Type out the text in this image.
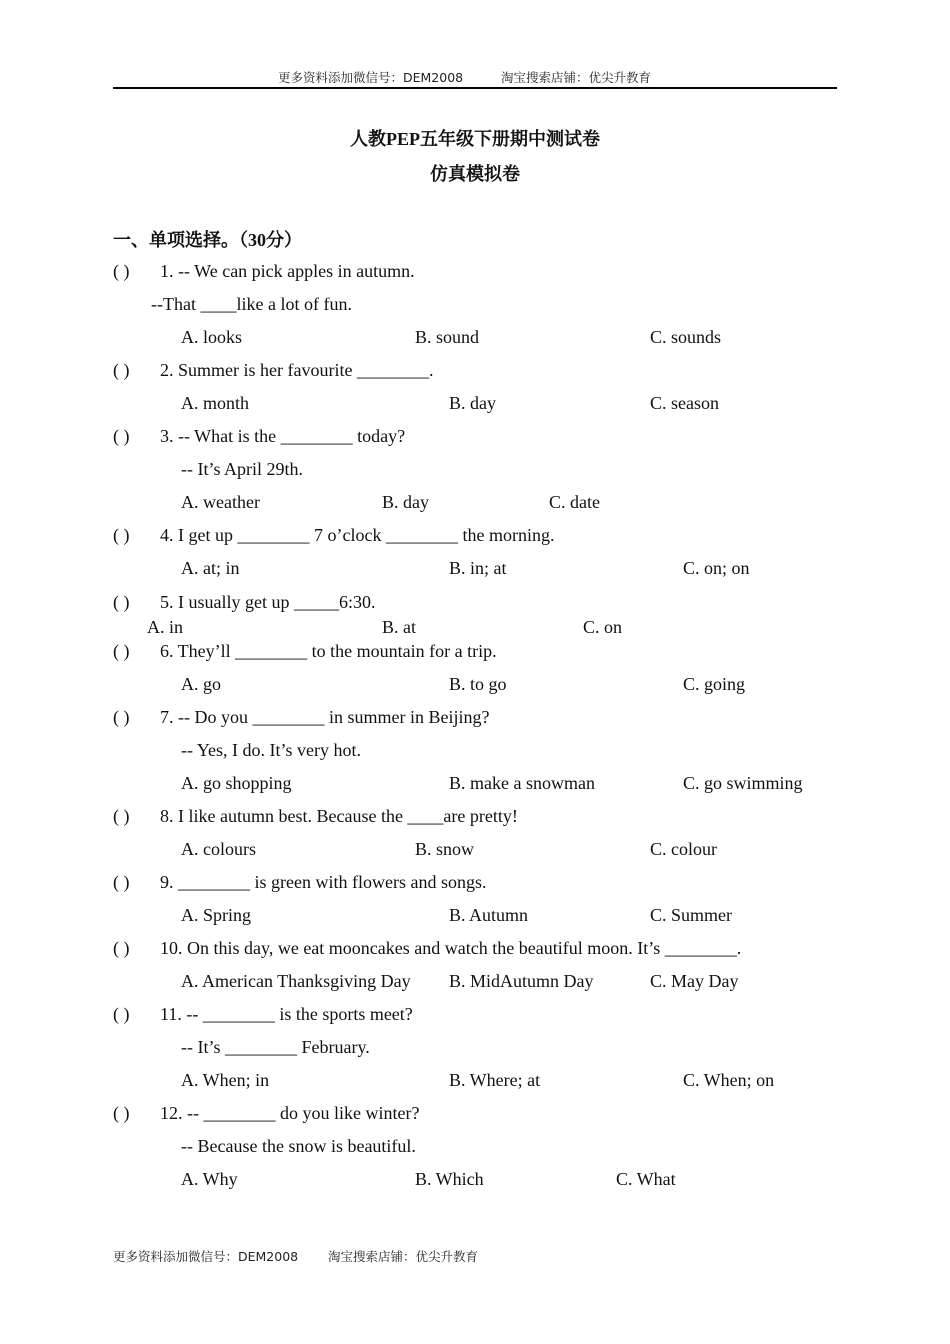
更多资料添加微信号：DEM2008	淘宝搜索店铺：优尖升教育
人教PEP五年级下册期中测试卷
仿真模拟卷
一、单项选择。（30分）
( ) 1. -- We can pick apples in autumn.
--That ____like a lot of fun.
A. looks	B. sound	C. sounds
( ) 2. Summer is her favourite ________.
A. month	B. day	C. season
( ) 3. -- What is the ________ today?
-- It’s April 29th.
A. weather	B. day	C. date
( ) 4. I get up ________ 7 o’clock ________ the morning.
A. at; in	B. in; at	C. on; on
( ) 5. I usually get up _____6:30.
A. in	B. at	C. on
( ) 6. They’ll ________ to the mountain for a trip.
A. go	B. to go	C. going
( ) 7. -- Do you ________ in summer in Beijing?
-- Yes, I do. It’s very hot.
A. go shopping	B. make a snowman	C. go swimming
( ) 8. I like autumn best. Because the ____are pretty!
A. colours	B. snow	C. colour
( ) 9. ________ is green with flowers and songs.
A. Spring	B. Autumn	C. Summer
( ) 10. On this day, we eat mooncakes and watch the beautiful moon. It’s ________.
A. American Thanksgiving Day B. MidAutumn Day	C. May Day
( ) 11. -- ________ is the sports meet?
-- It’s ________ February.
A. When; in	B. Where; at	C. When; on
( ) 12. -- ________ do you like winter?
-- Because the snow is beautiful.
A. Why	B. Which	C. What
更多资料添加微信号：DEM2008 淘宝搜索店铺：优尖升教育
